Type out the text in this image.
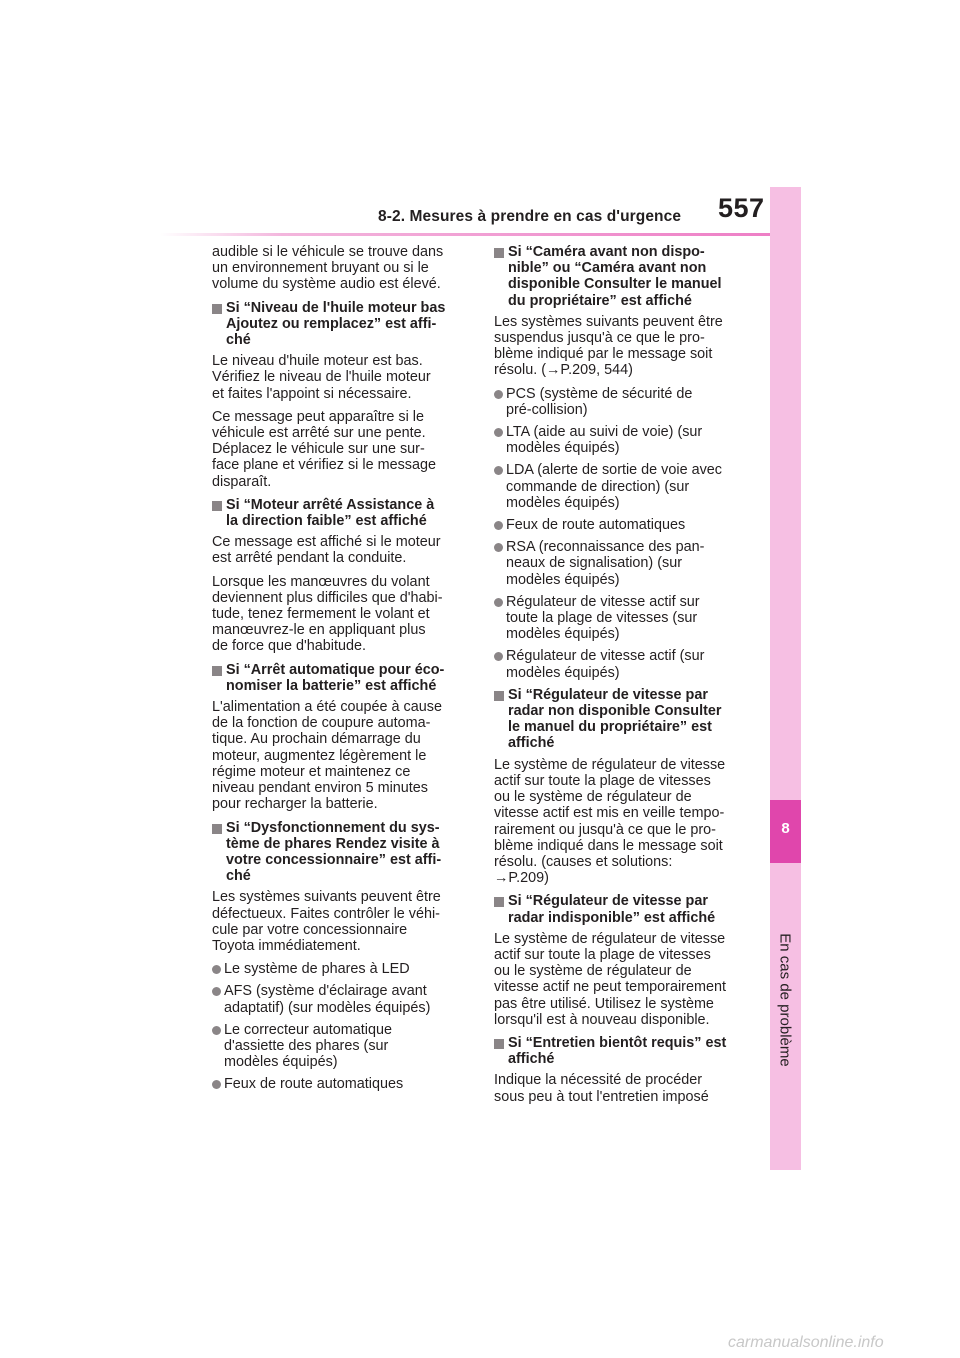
8-2. Mesures à prendre en cas d'urgence 557
8
En cas de problème
audible si le véhicule se trouve dans
un environnement bruyant ou si le
volume du système audio est élevé.
Si “Niveau de l'huile moteur bas
Ajoutez ou remplacez” est affi-
ché
Le niveau d'huile moteur est bas.
Vérifiez le niveau de l'huile moteur
et faites l'appoint si nécessaire.
Ce message peut apparaître si le
véhicule est arrêté sur une pente.
Déplacez le véhicule sur une sur-
face plane et vérifiez si le message
disparaît.
Si “Moteur arrêté Assistance à
la direction faible” est affiché
Ce message est affiché si le moteur
est arrêté pendant la conduite.
Lorsque les manœuvres du volant
deviennent plus difficiles que d'habi-
tude, tenez fermement le volant et
manœuvrez-le en appliquant plus
de force que d'habitude.
Si “Arrêt automatique pour éco-
nomiser la batterie” est affiché
L'alimentation a été coupée à cause
de la fonction de coupure automa-
tique. Au prochain démarrage du
moteur, augmentez légèrement le
régime moteur et maintenez ce
niveau pendant environ 5 minutes
pour recharger la batterie.
Si “Dysfonctionnement du sys-
tème de phares Rendez visite à
votre concessionnaire” est affi-
ché
Les systèmes suivants peuvent être
défectueux. Faites contrôler le véhi-
cule par votre concessionnaire
Toyota immédiatement.
Le système de phares à LED
AFS (système d'éclairage avant
adaptatif) (sur modèles équipés)
Le correcteur automatique
d'assiette des phares (sur
modèles équipés)
Feux de route automatiques
Si “Caméra avant non dispo-
nible” ou “Caméra avant non
disponible Consulter le manuel
du propriétaire” est affiché
Les systèmes suivants peuvent être
suspendus jusqu'à ce que le pro-
blème indiqué par le message soit
résolu. (→P.209, 544)
PCS (système de sécurité de
pré-collision)
LTA (aide au suivi de voie) (sur
modèles équipés)
LDA (alerte de sortie de voie avec
commande de direction) (sur
modèles équipés)
Feux de route automatiques
RSA (reconnaissance des pan-
neaux de signalisation) (sur
modèles équipés)
Régulateur de vitesse actif sur
toute la plage de vitesses (sur
modèles équipés)
Régulateur de vitesse actif (sur
modèles équipés)
Si “Régulateur de vitesse par
radar non disponible Consulter
le manuel du propriétaire” est
affiché
Le système de régulateur de vitesse
actif sur toute la plage de vitesses
ou le système de régulateur de
vitesse actif est mis en veille tempo-
rairement ou jusqu'à ce que le pro-
blème indiqué dans le message soit
résolu. (causes et solutions:
→P.209)
Si “Régulateur de vitesse par
radar indisponible” est affiché
Le système de régulateur de vitesse
actif sur toute la plage de vitesses
ou le système de régulateur de
vitesse actif ne peut temporairement
pas être utilisé. Utilisez le système
lorsqu'il est à nouveau disponible.
Si “Entretien bientôt requis” est
affiché
Indique la nécessité de procéder
sous peu à tout l'entretien imposé
carmanualsonline.info
